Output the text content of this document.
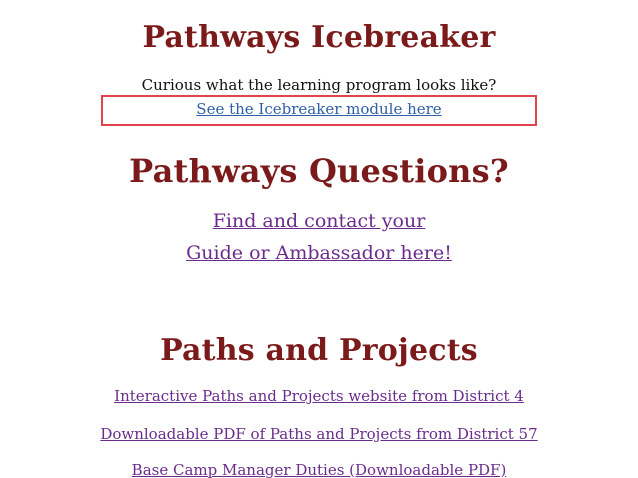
Pathways Icebreaker
Curious what the learning program looks like?
See the Icebreaker module here
Pathways Questions?
Find and contact your
Guide or Ambassador here!
Paths and Projects
Interactive Paths and Projects website from District 4
Downloadable PDF of Paths and Projects from District 57
Base Camp Manager Duties (Downloadable PDF)
